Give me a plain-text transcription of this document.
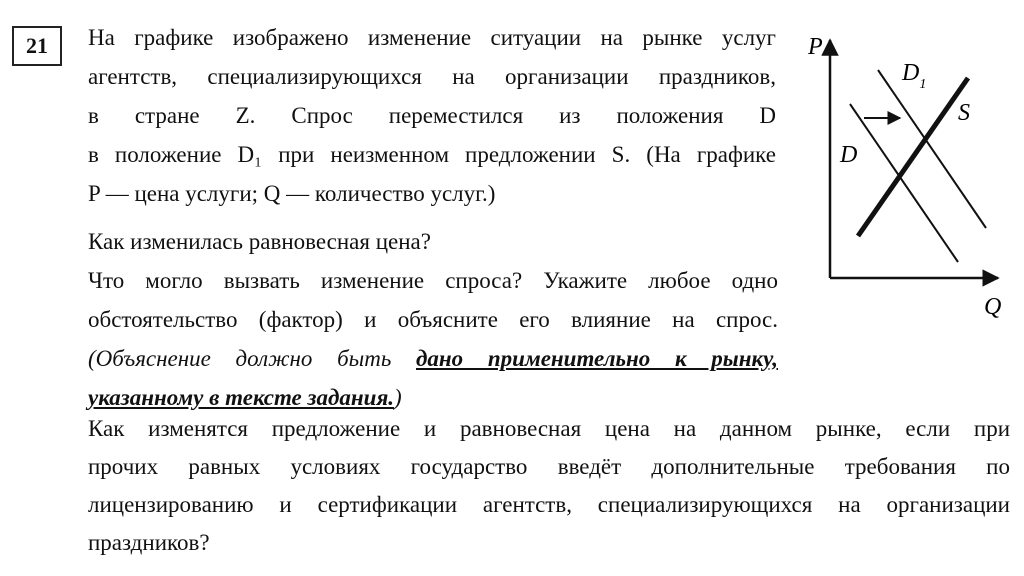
21	На графике изображено изменение ситуации на рынке услуг
агентств, специализирующихся на организации праздников,
в стране Z. Спрос переместился из положения D
в положение D₁ при неизменном предложении S. (На графике
P — цена услуги; Q — количество услуг.)
Как изменилась равновесная цена?
Что могло вызвать изменение спроса? Укажите любое одно
обстоятельство (фактор) и объясните его влияние на спрос.
(Объяснение должно быть дано применительно к рынку,
указанному в тексте задания.)
Как изменятся предложение и равновесная цена на данном рынке, если при
прочих равных условиях государство введёт дополнительные требования по
лицензированию и сертификации агентств, специализирующихся на организации
праздников?
P
Q
D
$D_1$
S
